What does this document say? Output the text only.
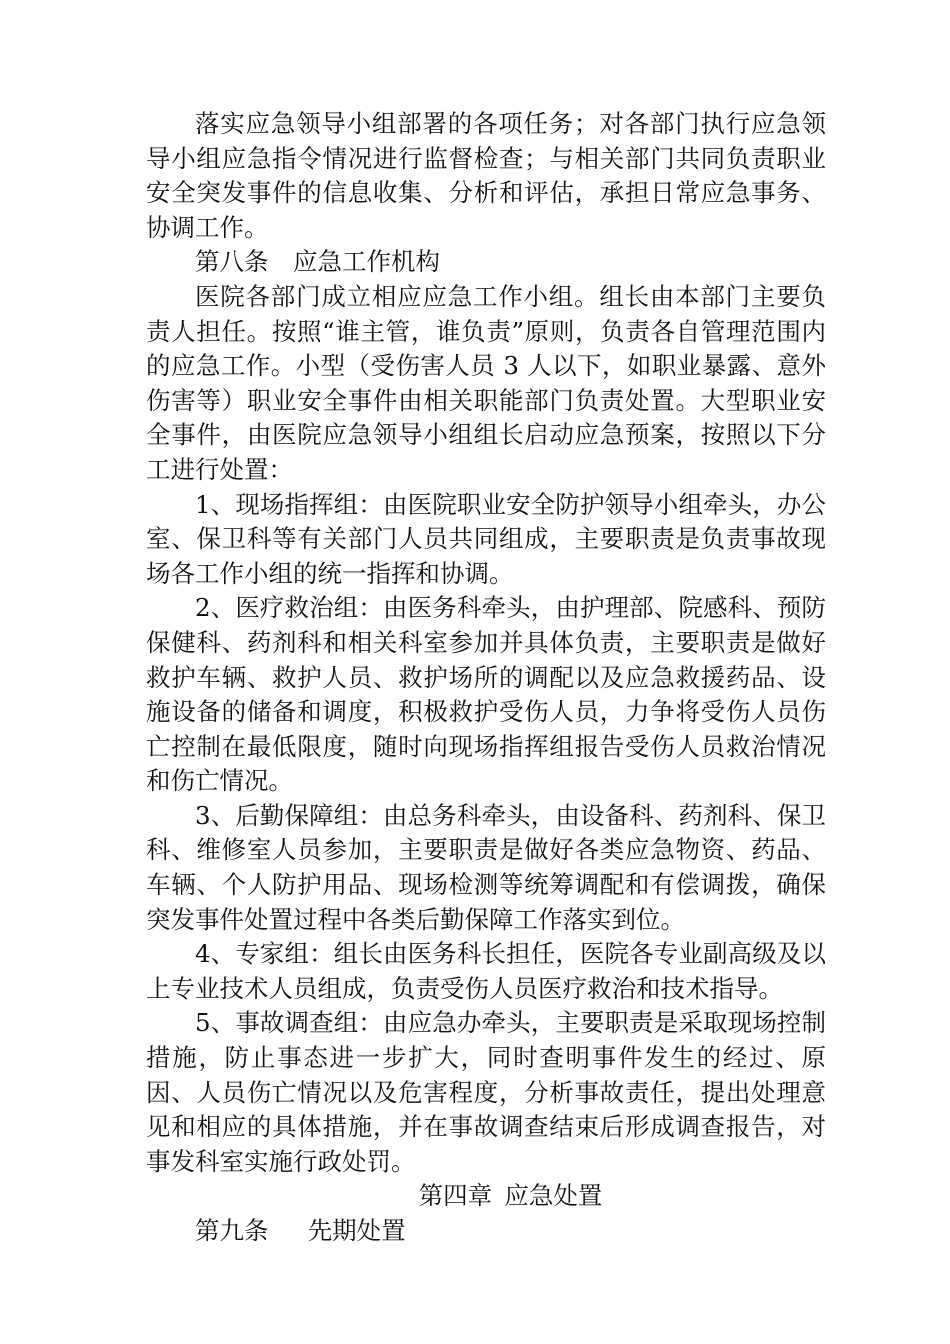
落实应急领导小组部署的各项任务；对各部门执行应急领导小组应急指令情况进行监督检查；与相关部门共同负责职业安全突发事件的信息收集、分析和评估，承担日常应急事务、协调工作。

第八条 应急工作机构

医院各部门成立相应应急工作小组。组长由本部门主要负责人担任。按照“谁主管，谁负责”原则，负责各自管理范围内的应急工作。小型（受伤害人员 3 人以下，如职业暴露、意外伤害等）职业安全事件由相关职能部门负责处置。大型职业安全事件，由医院应急领导小组组长启动应急预案，按照以下分工进行处置：

1、现场指挥组：由医院职业安全防护领导小组牵头，办公室、保卫科等有关部门人员共同组成，主要职责是负责事故现场各工作小组的统一指挥和协调。

2、医疗救治组：由医务科牵头，由护理部、院感科、预防保健科、药剂科和相关科室参加并具体负责，主要职责是做好救护车辆、救护人员、救护场所的调配以及应急救援药品、设施设备的储备和调度，积极救护受伤人员，力争将受伤人员伤亡控制在最低限度，随时向现场指挥组报告受伤人员救治情况和伤亡情况。

3、后勤保障组：由总务科牵头，由设备科、药剂科、保卫科、维修室人员参加，主要职责是做好各类应急物资、药品、车辆、个人防护用品、现场检测等统筹调配和有偿调拨，确保突发事件处置过程中各类后勤保障工作落实到位。

4、专家组：组长由医务科长担任，医院各专业副高级及以上专业技术人员组成，负责受伤人员医疗救治和技术指导。

5、事故调查组：由应急办牵头，主要职责是采取现场控制措施，防止事态进一步扩大，同时查明事件发生的经过、原因、人员伤亡情况以及危害程度，分析事故责任，提出处理意见和相应的具体措施，并在事故调查结束后形成调查报告，对事发科室实施行政处罚。

第四章 应急处置

第九条 先期处置
